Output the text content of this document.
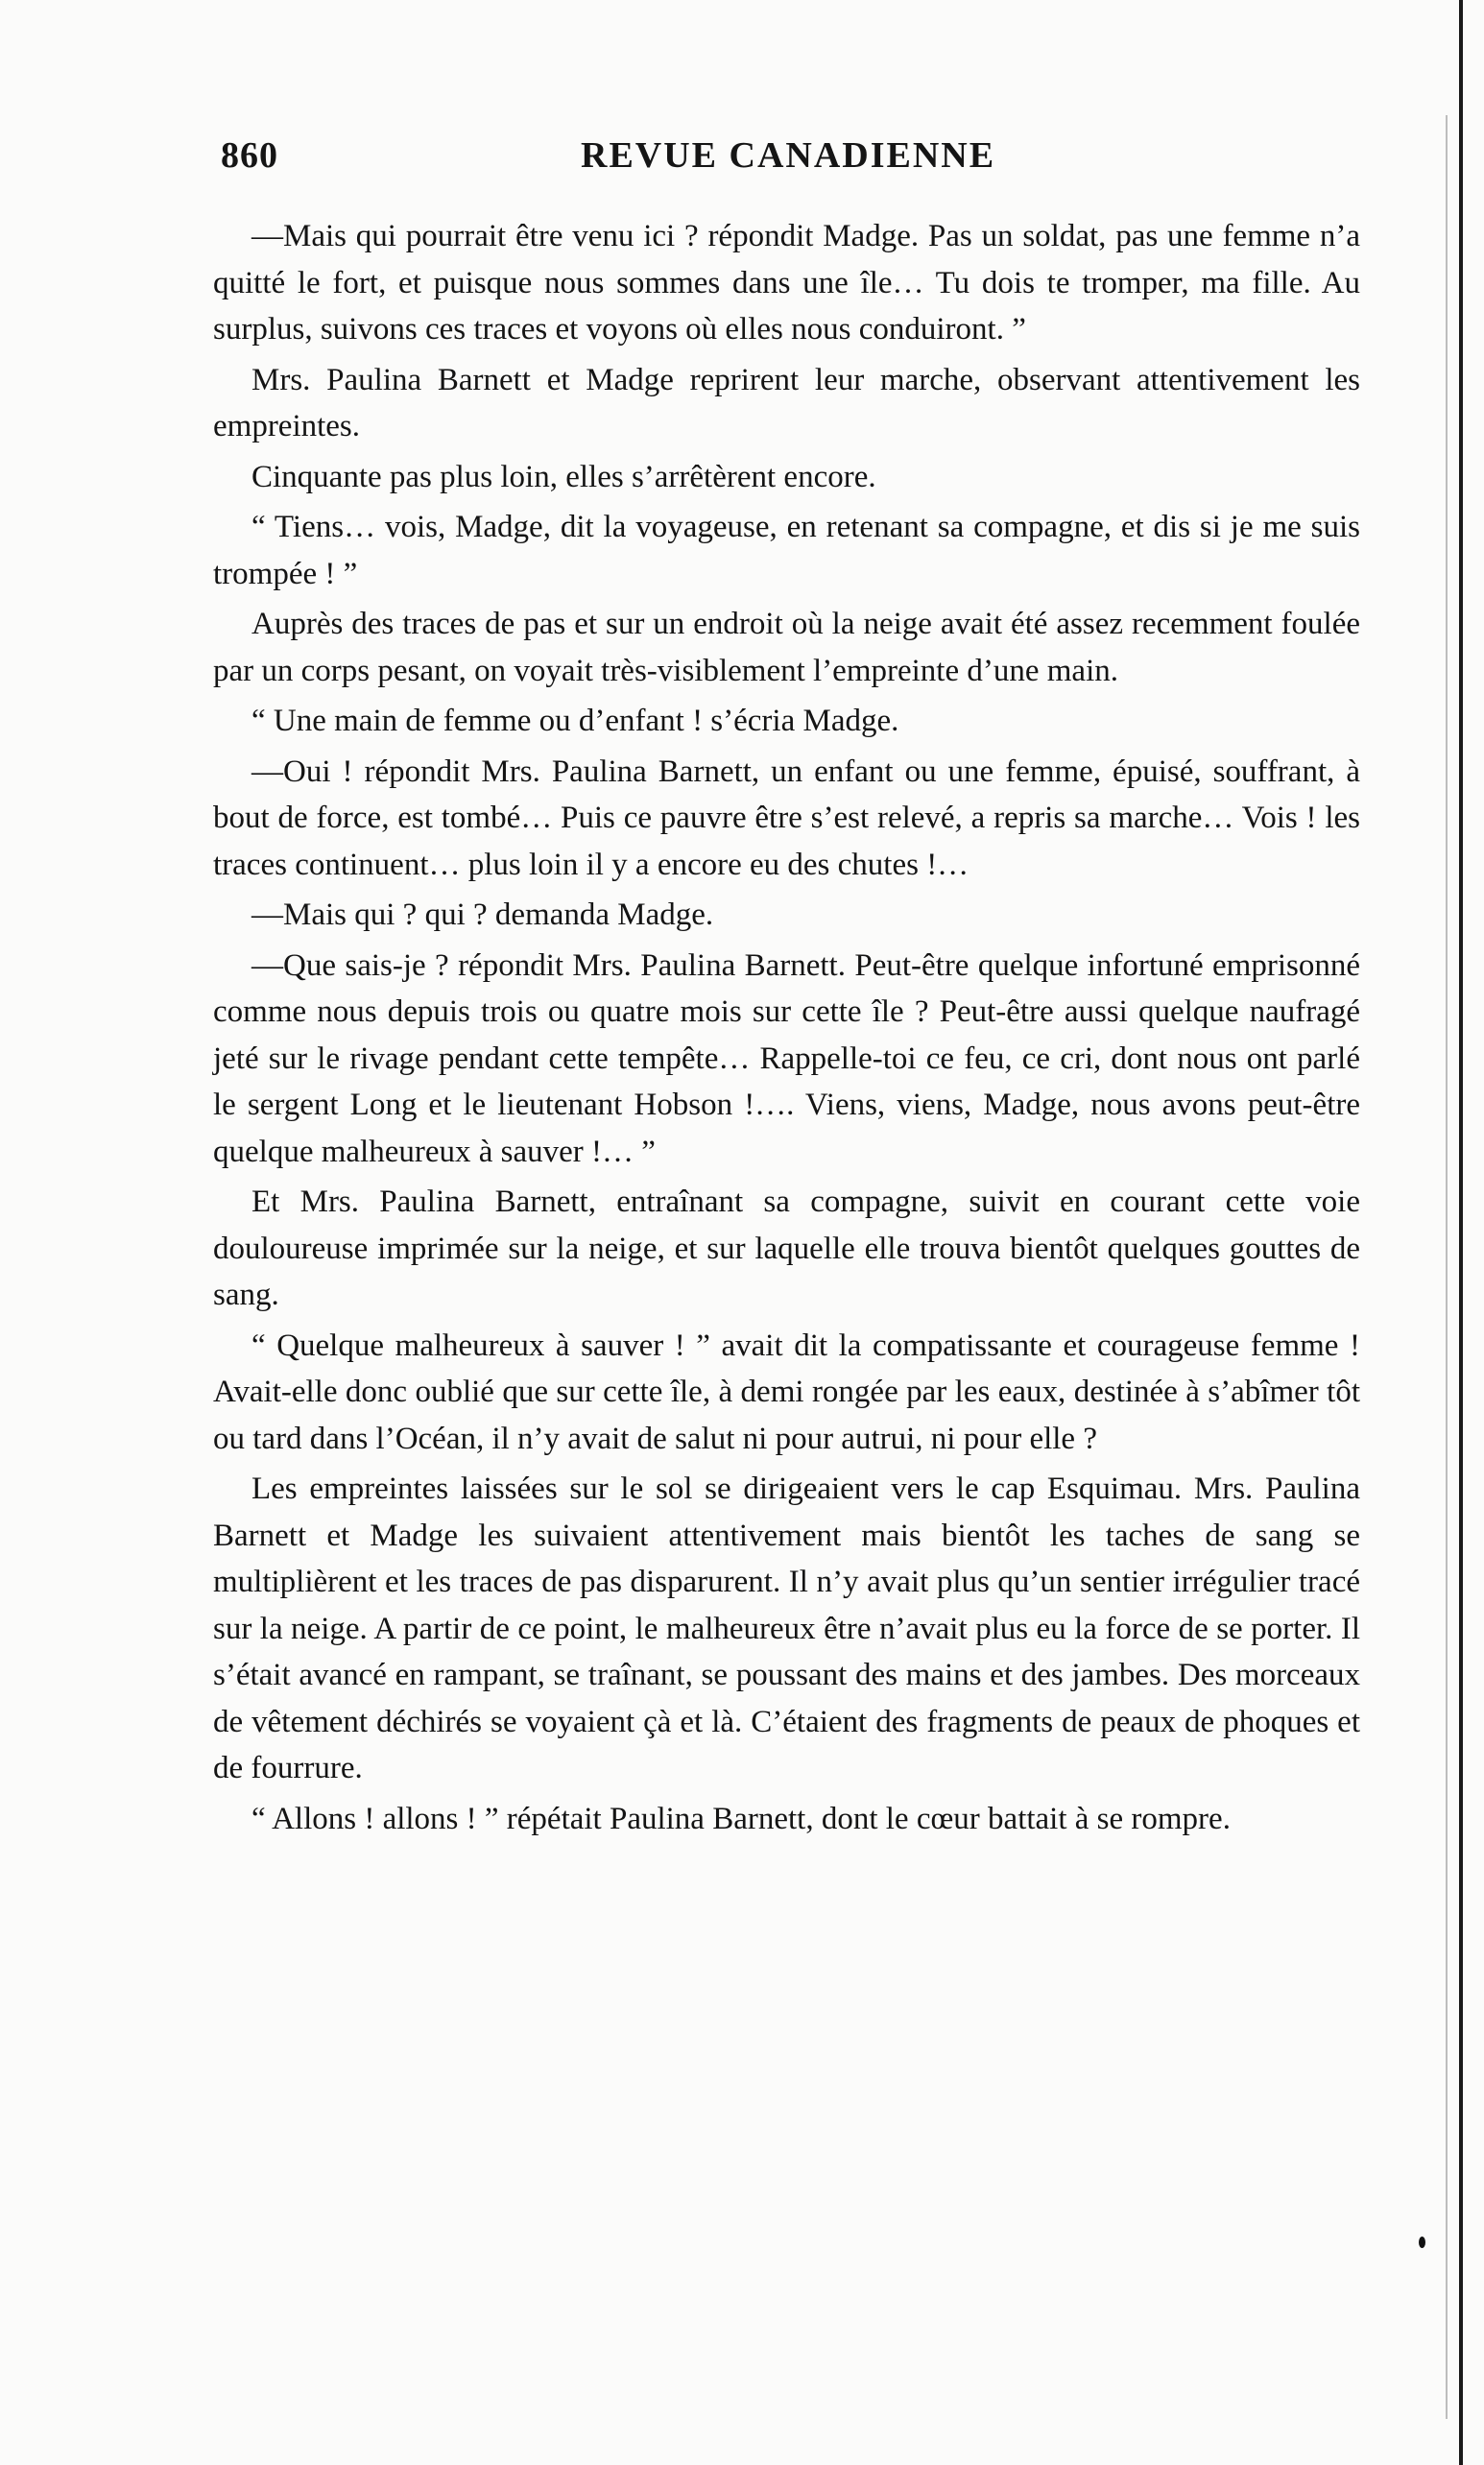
860	REVUE CANADIENNE

—Mais qui pourrait être venu ici ? répondit Madge. Pas un soldat, pas une femme n’a quitté le fort, et puisque nous sommes dans une île… Tu dois te tromper, ma fille. Au surplus, suivons ces traces et voyons où elles nous conduiront. ”

Mrs. Paulina Barnett et Madge reprirent leur marche, observant attentivement les empreintes.

Cinquante pas plus loin, elles s’arrêtèrent encore.

“ Tiens… vois, Madge, dit la voyageuse, en retenant sa compagne, et dis si je me suis trompée ! ”

Auprès des traces de pas et sur un endroit où la neige avait été assez recemment foulée par un corps pesant, on voyait très-visiblement l’empreinte d’une main.

“ Une main de femme ou d’enfant ! s’écria Madge.

—Oui ! répondit Mrs. Paulina Barnett, un enfant ou une femme, épuisé, souffrant, à bout de force, est tombé… Puis ce pauvre être s’est relevé, a repris sa marche… Vois ! les traces continuent… plus loin il y a encore eu des chutes !…

—Mais qui ? qui ? demanda Madge.

—Que sais-je ? répondit Mrs. Paulina Barnett. Peut-être quelque infortuné emprisonné comme nous depuis trois ou quatre mois sur cette île ? Peut-être aussi quelque naufragé jeté sur le rivage pendant cette tempête… Rappelle-toi ce feu, ce cri, dont nous ont parlé le sergent Long et le lieutenant Hobson !…. Viens, viens, Madge, nous avons peut-être quelque malheureux à sauver !… ”

Et Mrs. Paulina Barnett, entraînant sa compagne, suivit en courant cette voie douloureuse imprimée sur la neige, et sur laquelle elle trouva bientôt quelques gouttes de sang.

“ Quelque malheureux à sauver ! ” avait dit la compatissante et courageuse femme ! Avait-elle donc oublié que sur cette île, à demi rongée par les eaux, destinée à s’abîmer tôt ou tard dans l’Océan, il n’y avait de salut ni pour autrui, ni pour elle ?

Les empreintes laissées sur le sol se dirigeaient vers le cap Esquimau. Mrs. Paulina Barnett et Madge les suivaient attentivement mais bientôt les taches de sang se multiplièrent et les traces de pas disparurent. Il n’y avait plus qu’un sentier irrégulier tracé sur la neige. A partir de ce point, le malheureux être n’avait plus eu la force de se porter. Il s’était avancé en rampant, se traînant, se poussant des mains et des jambes. Des morceaux de vêtement déchirés se voyaient çà et là. C’étaient des fragments de peaux de phoques et de fourrure.

“ Allons ! allons ! ” répétait Paulina Barnett, dont le cœur battait à se rompre.
